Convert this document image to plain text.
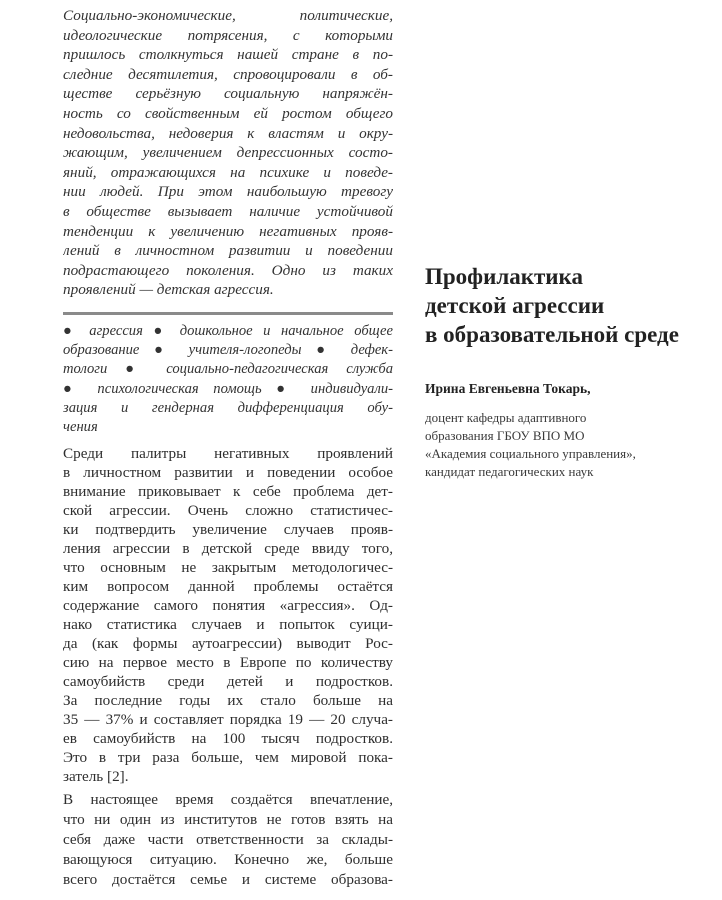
Социально-экономические, политические,
идеологические потрясения, с которыми
пришлось столкнуться нашей стране в по-
следние десятилетия, спровоцировали в об-
ществе серьёзную социальную напряжён-
ность со свойственным ей ростом общего
недовольства, недоверия к властям и окру-
жающим, увеличением депрессионных состо-
яний, отражающихся на психике и поведе-
нии людей. При этом наибольшую тревогу
в обществе вызывает наличие устойчивой
тенденции к увеличению негативных прояв-
лений в личностном развитии и поведении
подрастающего поколения. Одно из таких
проявлений — детская агрессия.
● агрессия ● дошкольное и начальное общее
образование ● учителя-логопеды ● дефек-
тологи ● социально-педагогическая служба
● психологическая помощь ● индивидуали-
зация и гендерная дифференциация обу-
чения
Среди палитры негативных проявлений
в личностном развитии и поведении особое
внимание приковывает к себе проблема дет-
ской агрессии. Очень сложно статистичес-
ки подтвердить увеличение случаев прояв-
ления агрессии в детской среде ввиду того,
что основным не закрытым методологичес-
ким вопросом данной проблемы остаётся
содержание самого понятия «агрессия». Од-
нако статистика случаев и попыток суици-
да (как формы аутоагрессии) выводит Рос-
сию на первое место в Европе по количеству
самоубийств среди детей и подростков.
За последние годы их стало больше на
35 — 37% и составляет порядка 19 — 20 случа-
ев самоубийств на 100 тысяч подростков.
Это в три раза больше, чем мировой пока-
затель [2].
В настоящее время создаётся впечатление,
что ни один из институтов не готов взять на
себя даже части ответственности за склады-
вающуюся ситуацию. Конечно же, больше
всего достаётся семье и системе образова-
Профилактика
детской агрессии
в образовательной среде
Ирина Евгеньевна Токарь,
доцент кафедры адаптивного
образования ГБОУ ВПО МО
«Академия социального управления»,
кандидат педагогических наук
